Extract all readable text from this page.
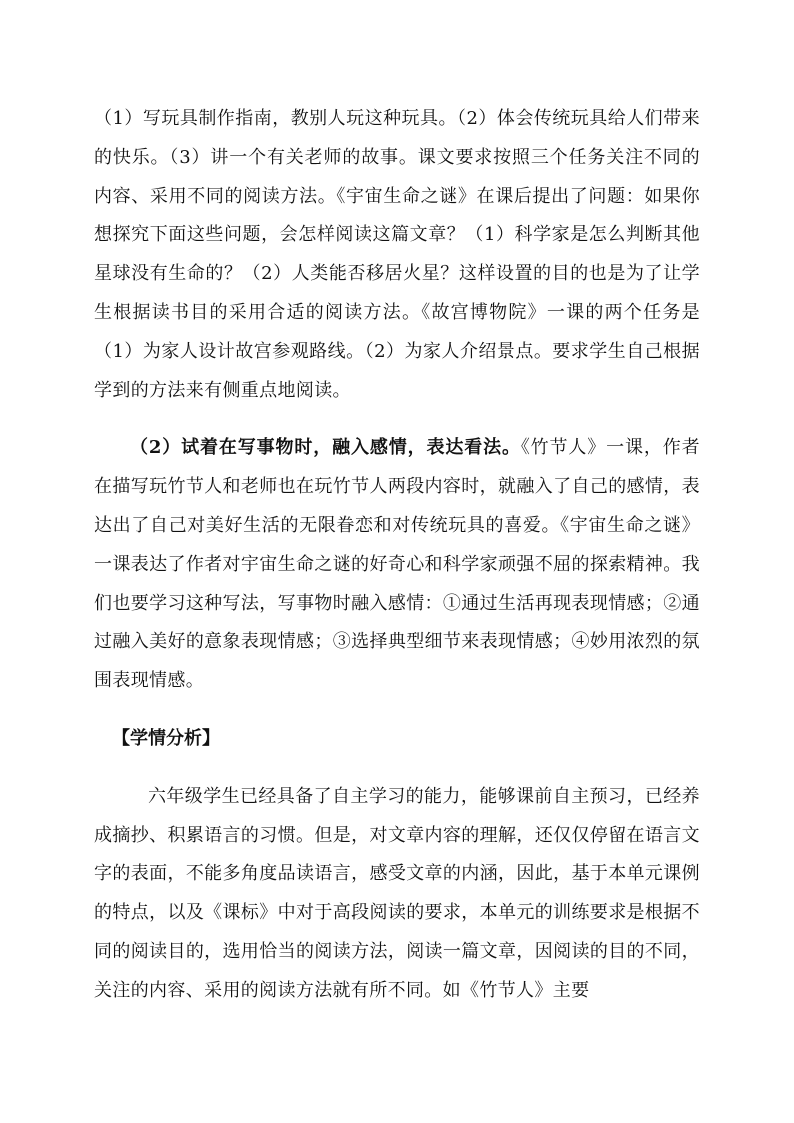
（1）写玩具制作指南，教别人玩这种玩具。（2）体会传统玩具给人们带来的快乐。（3）讲一个有关老师的故事。课文要求按照三个任务关注不同的内容、采用不同的阅读方法。《宇宙生命之谜》在课后提出了问题：如果你想探究下面这些问题，会怎样阅读这篇文章？（1）科学家是怎么判断其他星球没有生命的？（2）人类能否移居火星？这样设置的目的也是为了让学生根据读书目的采用合适的阅读方法。《故宫博物院》一课的两个任务是（1）为家人设计故宫参观路线。（2）为家人介绍景点。要求学生自己根据学到的方法来有侧重点地阅读。

（2）试着在写事物时，融入感情，表达看法。《竹节人》一课，作者在描写玩竹节人和老师也在玩竹节人两段内容时，就融入了自己的感情，表达出了自己对美好生活的无限眷恋和对传统玩具的喜爱。《宇宙生命之谜》一课表达了作者对宇宙生命之谜的好奇心和科学家顽强不屈的探索精神。我们也要学习这种写法，写事物时融入感情：①通过生活再现表现情感；②通过融入美好的意象表现情感；③选择典型细节来表现情感；④妙用浓烈的氛围表现情感。

【学情分析】

六年级学生已经具备了自主学习的能力，能够课前自主预习，已经养成摘抄、积累语言的习惯。但是，对文章内容的理解，还仅仅停留在语言文字的表面，不能多角度品读语言，感受文章的内涵，因此，基于本单元课例的特点，以及《课标》中对于高段阅读的要求，本单元的训练要求是根据不同的阅读目的，选用恰当的阅读方法，阅读一篇文章，因阅读的目的不同，关注的内容、采用的阅读方法就有所不同。如《竹节人》主要
